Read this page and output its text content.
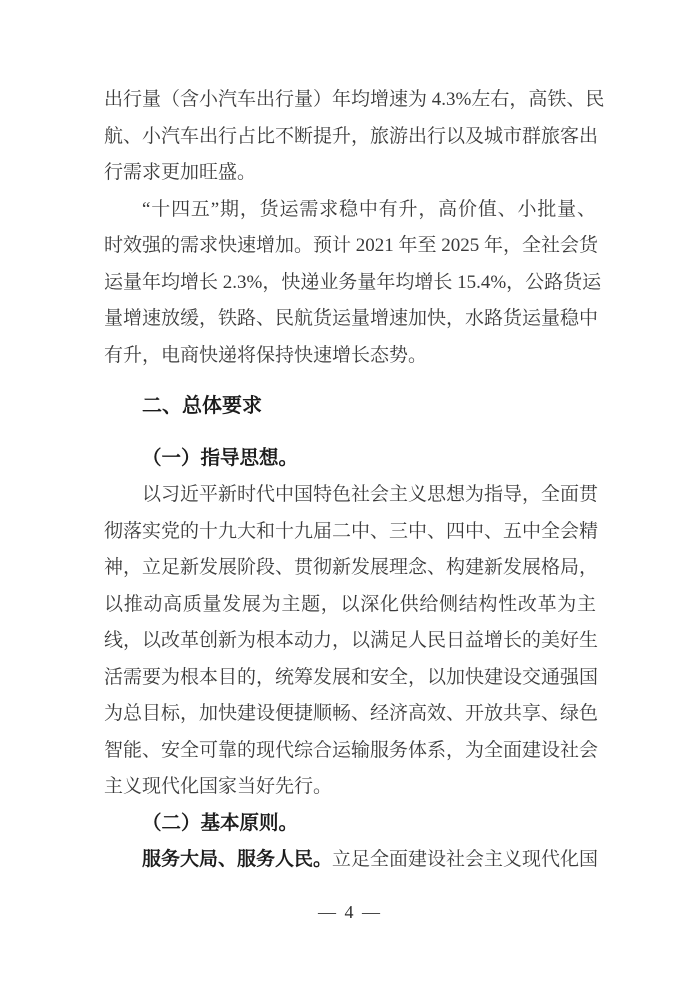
出行量（含小汽车出行量）年均增速为 4.3%左右，高铁、民
航、小汽车出行占比不断提升，旅游出行以及城市群旅客出
行需求更加旺盛。
“十四五”期，货运需求稳中有升，高价值、小批量、
时效强的需求快速增加。预计 2021 年至 2025 年，全社会货
运量年均增长 2.3%，快递业务量年均增长 15.4%，公路货运
量增速放缓，铁路、民航货运量增速加快，水路货运量稳中
有升，电商快递将保持快速增长态势。
二、总体要求
（一）指导思想。
以习近平新时代中国特色社会主义思想为指导，全面贯
彻落实党的十九大和十九届二中、三中、四中、五中全会精
神，立足新发展阶段、贯彻新发展理念、构建新发展格局，
以推动高质量发展为主题，以深化供给侧结构性改革为主
线，以改革创新为根本动力，以满足人民日益增长的美好生
活需要为根本目的，统筹发展和安全，以加快建设交通强国
为总目标，加快建设便捷顺畅、经济高效、开放共享、绿色
智能、安全可靠的现代综合运输服务体系，为全面建设社会
主义现代化国家当好先行。
（二）基本原则。
服务大局、服务人民。立足全面建设社会主义现代化国
— 4 —
